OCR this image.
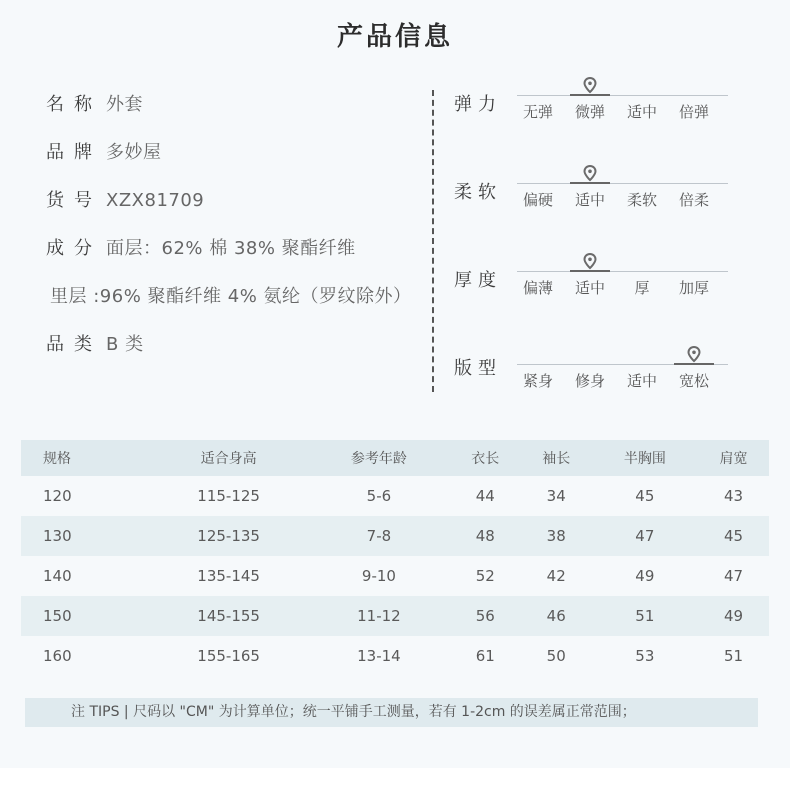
产品信息
名称 外套
品牌 多妙屋
货号 XZX81709
成分 面层：62% 棉 38% 聚酯纤维
里层 :96% 聚酯纤维 4% 氨纶（罗纹除外）
品类 B 类
弹力	无弹	微弹	适中	倍弹
柔软	偏硬	适中	柔软	倍柔
厚度	偏薄	适中	厚	加厚
版型
紧身	修身	适中	宽松
规格	适合身高	参考年龄	衣长	袖长	半胸围	肩宽
120	115-125	5-6	44	34	45	43
130	125-135	7-8	48	38	47	45
140	135-145	9-10	52	42	49	47
150	145-155	11-12	56	46	51	49
160	155-165	13-14	61	50	53	51
注 TIPS | 尺码以 "CM" 为计算单位；统一平铺手工测量，若有 1-2cm 的误差属正常范围；
